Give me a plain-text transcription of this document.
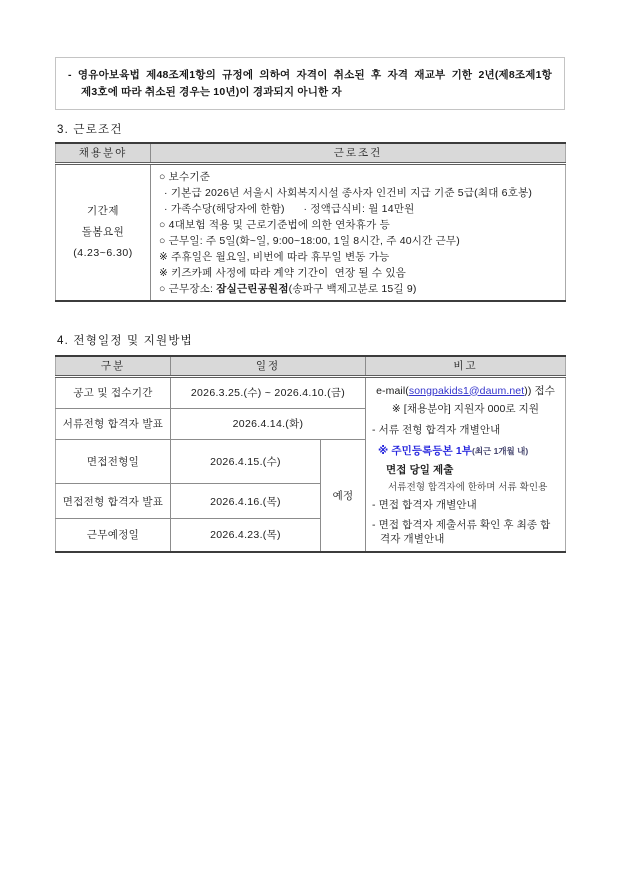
- 영유아보육법 제48조제1항의 규정에 의하여 자격이 취소된 후 자격 재교부 기한 2년(제8조제1항
제3호에 따라 취소된 경우는 10년)이 경과되지 아니한 자
3. 근로조건
채용분야	근로조건

기간제
돌봄요원
(4.23~6.30)

○ 보수기준
· 기본급 2026년 서울시 사회복지시설 종사자 인건비 지급 기준 5급(최대 6호봉)
· 가족수당(해당자에 한함)      · 정액급식비: 월 14만원
○ 4대보험 적용 및 근로기준법에 의한 연차휴가 등
○ 근무일: 주 5일(화~일, 9:00~18:00, 1일 8시간, 주 40시간 근무)
※ 주휴일은 월요일, 비번에 따라 휴무일 변동 가능
※ 키즈카페 사정에 따라 계약 기간이  연장 될 수 있음
○ 근무장소: 잠실근린공원점(송파구 백제고분로 15길 9)
4. 전형일정 및 지원방법
구분	일정		비고
공고 및 접수기간	2026.3.25.(수) ~ 2026.4.10.(금)	e-mail(songpakids1@daum.net)) 접수
※ [채용분야] 지원자 000로 지원
- 서류 전형 합격자 개별안내
※ 주민등록등본 1부(최근 1개월 내)
면접 당일 제출
서류전형 합격자에 한하며 서류 확인용
- 면접 합격자 개별안내
- 면접 합격자 제출서류 확인 후 최종 합격자 개별안내

서류전형 합격자 발표	2026.4.14.(화)		
면접전형일	2026.4.15.(수)	예정	
면접전형 합격자 발표	2026.4.16.(목)		
근무예정일	2026.4.23.(목)		
